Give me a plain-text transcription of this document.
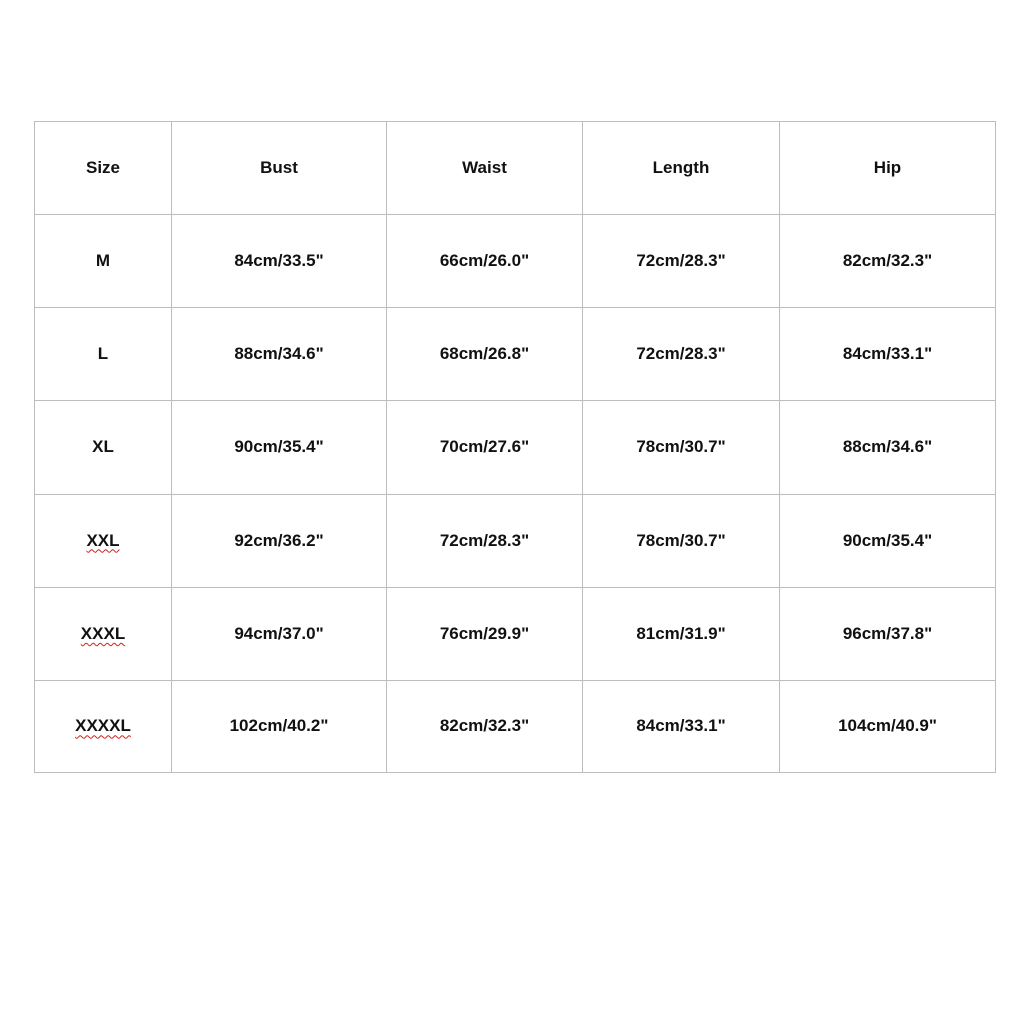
Size	Bust	Waist	Length	Hip
M	84cm/33.5"	66cm/26.0"	72cm/28.3"	82cm/32.3"
L	88cm/34.6"	68cm/26.8"	72cm/28.3"	84cm/33.1"
XL	90cm/35.4"	70cm/27.6"	78cm/30.7"	88cm/34.6"
XXL	92cm/36.2"	72cm/28.3"	78cm/30.7"	90cm/35.4"
XXXL	94cm/37.0"	76cm/29.9"	81cm/31.9"	96cm/37.8"
XXXXL	102cm/40.2"	82cm/32.3"	84cm/33.1"	104cm/40.9"
